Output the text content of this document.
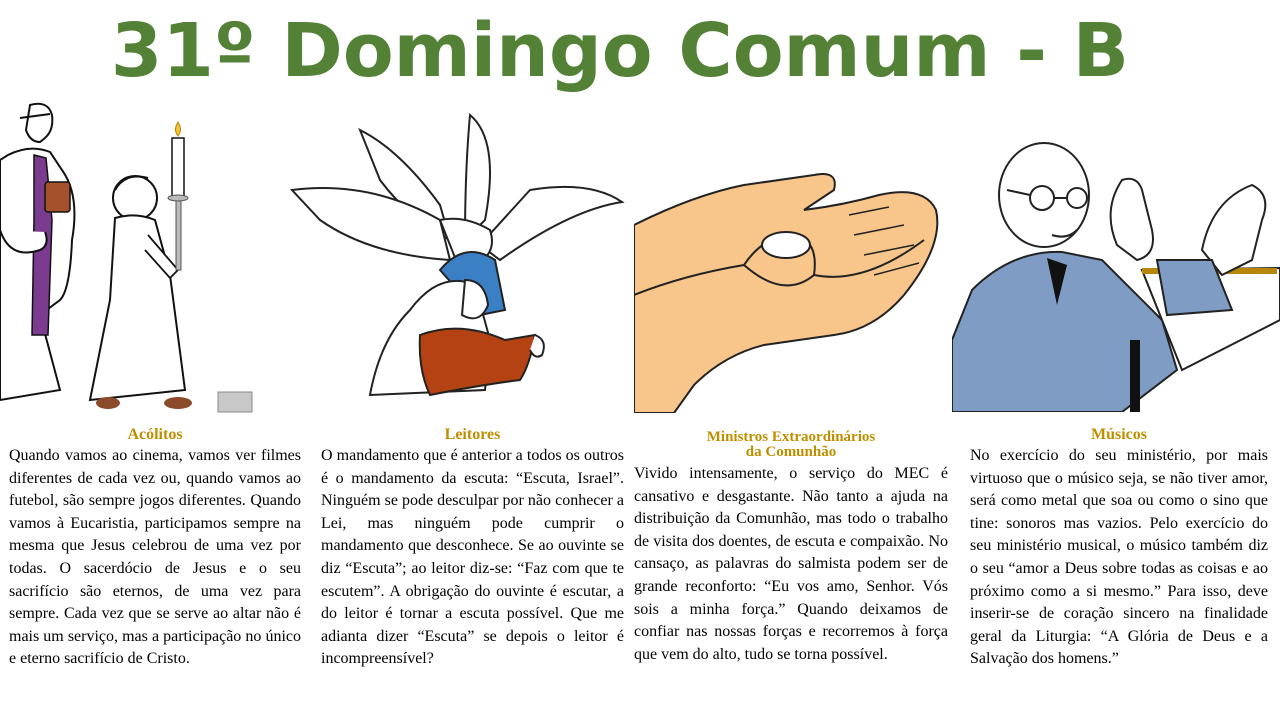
31º Domingo Comum - B
Acólitos

Quando vamos ao cinema, vamos ver filmes diferentes de cada vez ou, quando vamos ao futebol, são sempre jogos diferentes. Quando vamos à Eucaristia, participamos sempre na mesma que Jesus celebrou de uma vez por todas. O sacerdócio de Jesus e o seu sacrifício são eternos, de uma vez para sempre. Cada vez que se serve ao altar não é mais um serviço, mas a participação no único e eterno sacrifício de Cristo.

Leitores

O mandamento que é anterior a todos os outros é o mandamento da escuta: “Escuta, Israel”. Ninguém se pode desculpar por não conhecer a Lei, mas ninguém pode cumprir o mandamento que desconhece. Se ao ouvinte se diz “Escuta”; ao leitor diz-se: “Faz com que te escutem”. A obrigação do ouvinte é escutar, a do leitor é tornar a escuta possível. Que me adianta dizer “Escuta” se depois o leitor é incompreensível?

Ministros Extraordinários
da Comunhão

Vivido intensamente, o serviço do MEC é cansativo e desgastante. Não tanto a ajuda na distribuição da Comunhão, mas todo o trabalho de visita dos doentes, de escuta e compaixão. No cansaço, as palavras do salmista podem ser de grande reconforto: “Eu vos amo, Senhor. Vós sois a minha força.” Quando deixamos de confiar nas nossas forças e recorremos à força que vem do alto, tudo se torna possível.

Músicos

No exercício do seu ministério, por mais virtuoso que o músico seja, se não tiver amor, será como metal que soa ou como o sino que tine: sonoros mas vazios. Pelo exercício do seu ministério musical, o músico também diz o seu “amor a Deus sobre todas as coisas e ao próximo como a si mesmo.” Para isso, deve inserir-se de coração sincero na finalidade geral da Liturgia: “A Glória de Deus e a Salvação dos homens.”
